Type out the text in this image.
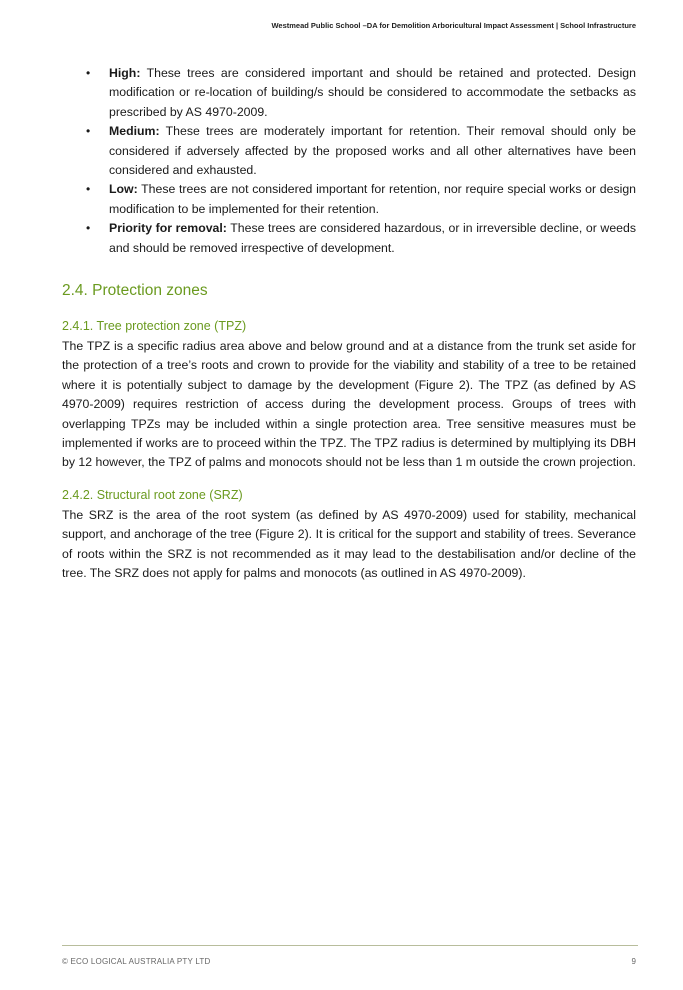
Westmead Public School –DA for Demolition Arboricultural Impact Assessment | School Infrastructure
• High: These trees are considered important and should be retained and protected. Design modification or re-location of building/s should be considered to accommodate the setbacks as prescribed by AS 4970-2009.
• Medium: These trees are moderately important for retention. Their removal should only be considered if adversely affected by the proposed works and all other alternatives have been considered and exhausted.
• Low: These trees are not considered important for retention, nor require special works or design modification to be implemented for their retention.
• Priority for removal: These trees are considered hazardous, or in irreversible decline, or weeds and should be removed irrespective of development.
2.4. Protection zones
2.4.1. Tree protection zone (TPZ)

The TPZ is a specific radius area above and below ground and at a distance from the trunk set aside for the protection of a tree’s roots and crown to provide for the viability and stability of a tree to be retained where it is potentially subject to damage by the development (Figure 2). The TPZ (as defined by AS 4970-2009) requires restriction of access during the development process. Groups of trees with overlapping TPZs may be included within a single protection area. Tree sensitive measures must be implemented if works are to proceed within the TPZ. The TPZ radius is determined by multiplying its DBH by 12 however, the TPZ of palms and monocots should not be less than 1 m outside the crown projection.

2.4.2. Structural root zone (SRZ)

The SRZ is the area of the root system (as defined by AS 4970-2009) used for stability, mechanical support, and anchorage of the tree (Figure 2). It is critical for the support and stability of trees. Severance of roots within the SRZ is not recommended as it may lead to the destabilisation and/or decline of the tree. The SRZ does not apply for palms and monocots (as outlined in AS 4970-2009).

© ECO LOGICAL AUSTRALIA PTY LTD	9
